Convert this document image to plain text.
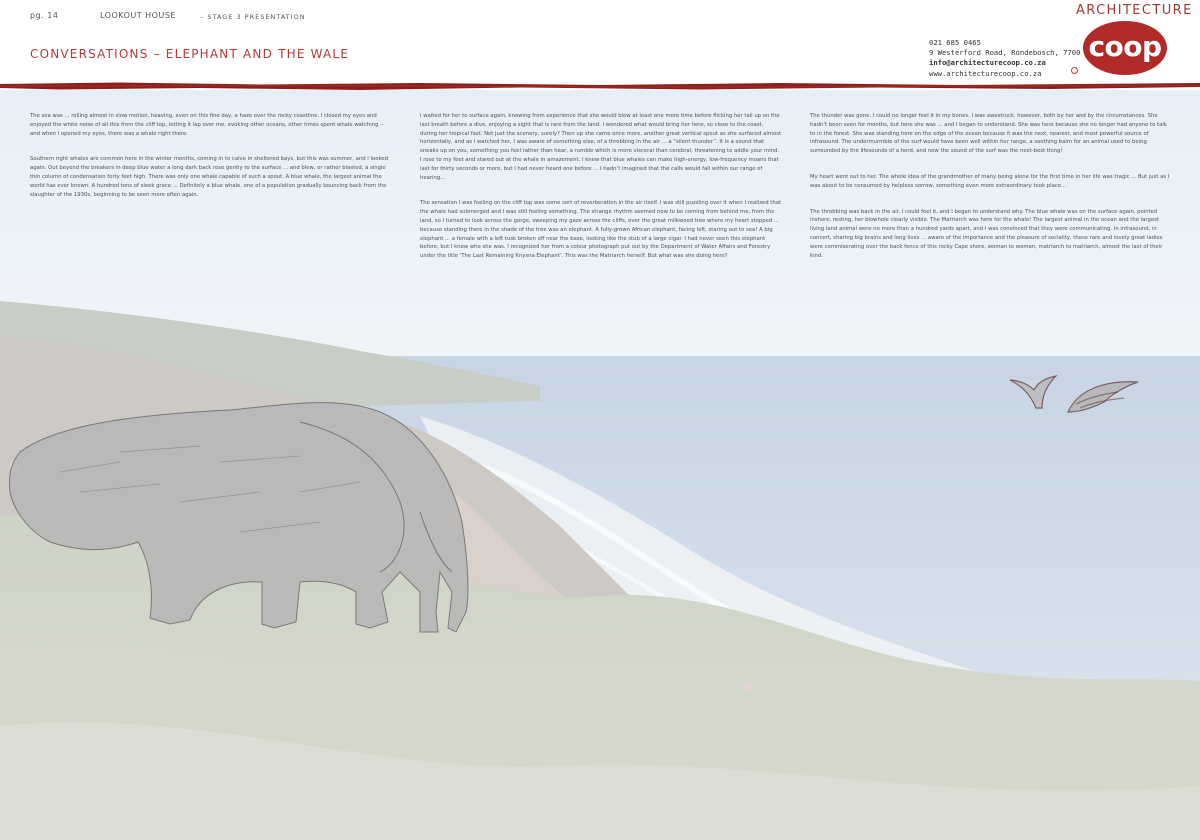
pg. 14	LOOKOUT HOUSE	– STAGE 3 PRESENTATION
CONVERSATIONS – ELEPHANT AND THE WALE
021 685 0465
9 Westerford Road, Rondebosch, 7700
info@architecturecoop.co.za
www.architecturecoop.co.za
ARCHITECTURE
coop

The sea was ... rolling almost in slow motion, heaving, even on this fine day, a haze over the rocky coastline. I closed my eyes and enjoyed the white noise of all this from the cliff top, letting it lap over me, evoking other oceans, other times spent whale watching – and when I opened my eyes, there was a whale right there.

Southern right whales are common here in the winter months, coming in to calve in sheltered bays, but this was summer, and I looked again. Out beyond the breakers in deep blue water a long dark back rose gently to the surface ... and blew, or rather blasted, a single thin column of condensation forty feet high. There was only one whale capable of such a spout. A blue whale, the largest animal the world has ever known. A hundred tons of sleek grace ... Definitely a blue whale, one of a population gradually bouncing back from the slaughter of the 1930s, beginning to be seen more often again.

I waited for her to surface again, knowing from experience that she would blow at least one more time before flicking her tail up on the last breath before a dive, enjoying a sight that is rare from the land. I wondered what would bring her here, so close to the coast, during her tropical fast. Not just the scenery, surely? Then up she came once more, another great vertical spout as she surfaced almost horizontally, and as I watched her, I was aware of something else, of a throbbing in the air ... a “silent thunder”. It is a sound that sneaks up on you, something you feel rather than hear, a rumble which is more visceral than cerebral, threatening to addle your mind. I rose to my feet and stared out at the whale in amazement. I knew that blue whales can make high-energy, low-frequency moans that last for thirty seconds or more, but I had never heard one before ... I hadn’t imagined that the calls would fall within our range of hearing...

The sensation I was feeling on the cliff top was some sort of reverberation in the air itself. I was still puzzling over it when I realized that the whale had submerged and I was still feeling something. The strange rhythm seemed now to be coming from behind me, from the land, so I turned to look across the gorge, sweeping my gaze across the cliffs, over the great milkwood tree where my heart stopped ... because standing there in the shade of the tree was an elephant. A fully-grown African elephant, facing left, staring out to sea! A big elephant ... a female with a left tusk broken off near the base, looking like the stub of a large cigar. I had never seen this elephant before, but I knew who she was. I recognized her from a colour photograph put out by the Department of Water Affairs and Forestry under the title ‘The Last Remaining Knysna Elephant’. This was the Matriarch herself. But what was she doing here?

The thunder was gone. I could no longer feel it in my bones. I was awestruck, however, both by her and by the circumstances. She hadn’t been seen for months, but here she was ... and I began to understand. She was here because she no longer had anyone to talk to in the forest. She was standing here on the edge of the ocean because it was the next, nearest, and most powerful source of infrasound. The undermurmble of the surf would have been well within her range, a soothing balm for an animal used to being surrounded by the lifesounds of a herd, and now the sound of the surf was the next-best thing!

My heart went out to her. The whole idea of the grandmother of many being alone for the first time in her life was tragic ... But just as I was about to be consumed by helpless sorrow, something even more extraordinary took place...

The throbbing was back in the air. I could feel it, and I began to understand why. The blue whale was on the surface again, pointed inshore, resting, her blowhole clearly visible. The Matriarch was here for the whale! The largest animal in the ocean and the largest living land animal were no more than a hundred yards apart, and I was convinced that they were communicating. In infrasound, in concert, sharing big brains and long lives ... aware of the importance and the pleasure of sociality, these rare and lovely great ladies were commiserating over the back fence of this rocky Cape shore, woman to woman, matriarch to matriarch, almost the last of their kind.
